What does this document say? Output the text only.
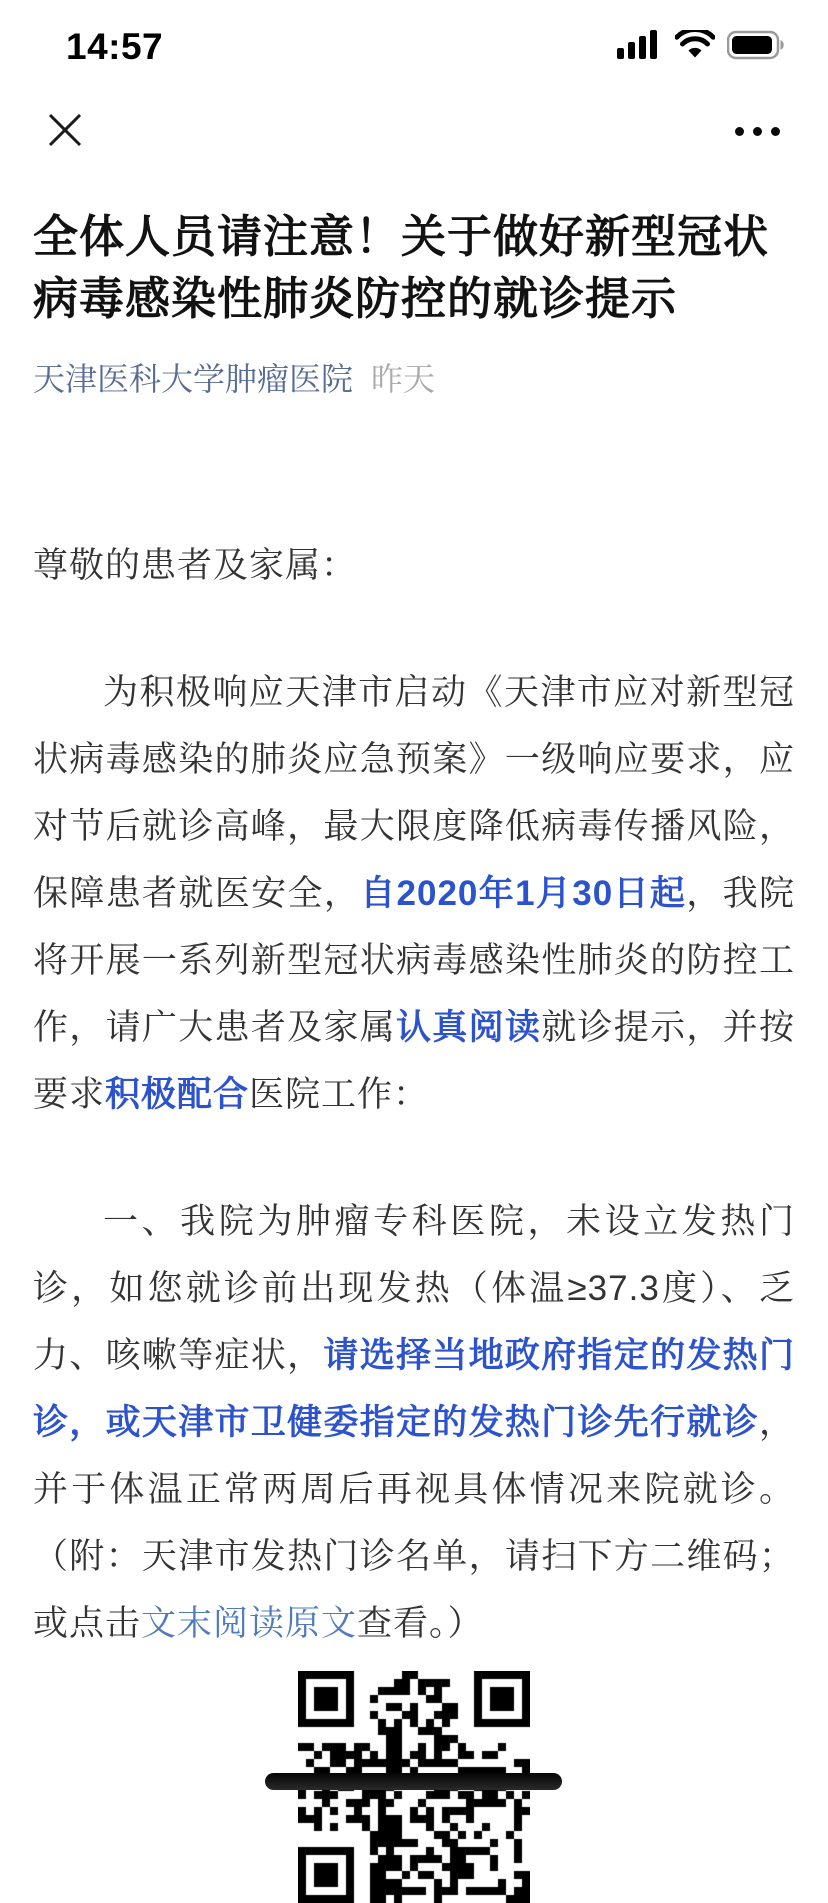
14:57
全体人员请注意！关于做好新型冠状病毒感染性肺炎防控的就诊提示
天津医科大学肿瘤医院 昨天
尊敬的患者及家属：

为积极响应天津市启动《天津市应对新型冠状病毒感染的肺炎应急预案》一级响应要求，应对节后就诊高峰，最大限度降低病毒传播风险，保障患者就医安全，自2020年1月30日起，我院将开展一系列新型冠状病毒感染性肺炎的防控工作，请广大患者及家属认真阅读就诊提示，并按要求积极配合医院工作：

一、我院为肿瘤专科医院，未设立发热门诊，如您就诊前出现发热（体温≥37.3度）、乏力、咳嗽等症状，请选择当地政府指定的发热门诊，或天津市卫健委指定的发热门诊先行就诊，并于体温正常两周后再视具体情况来院就诊。（附：天津市发热门诊名单，请扫下方二维码；或点击文末阅读原文查看。）
